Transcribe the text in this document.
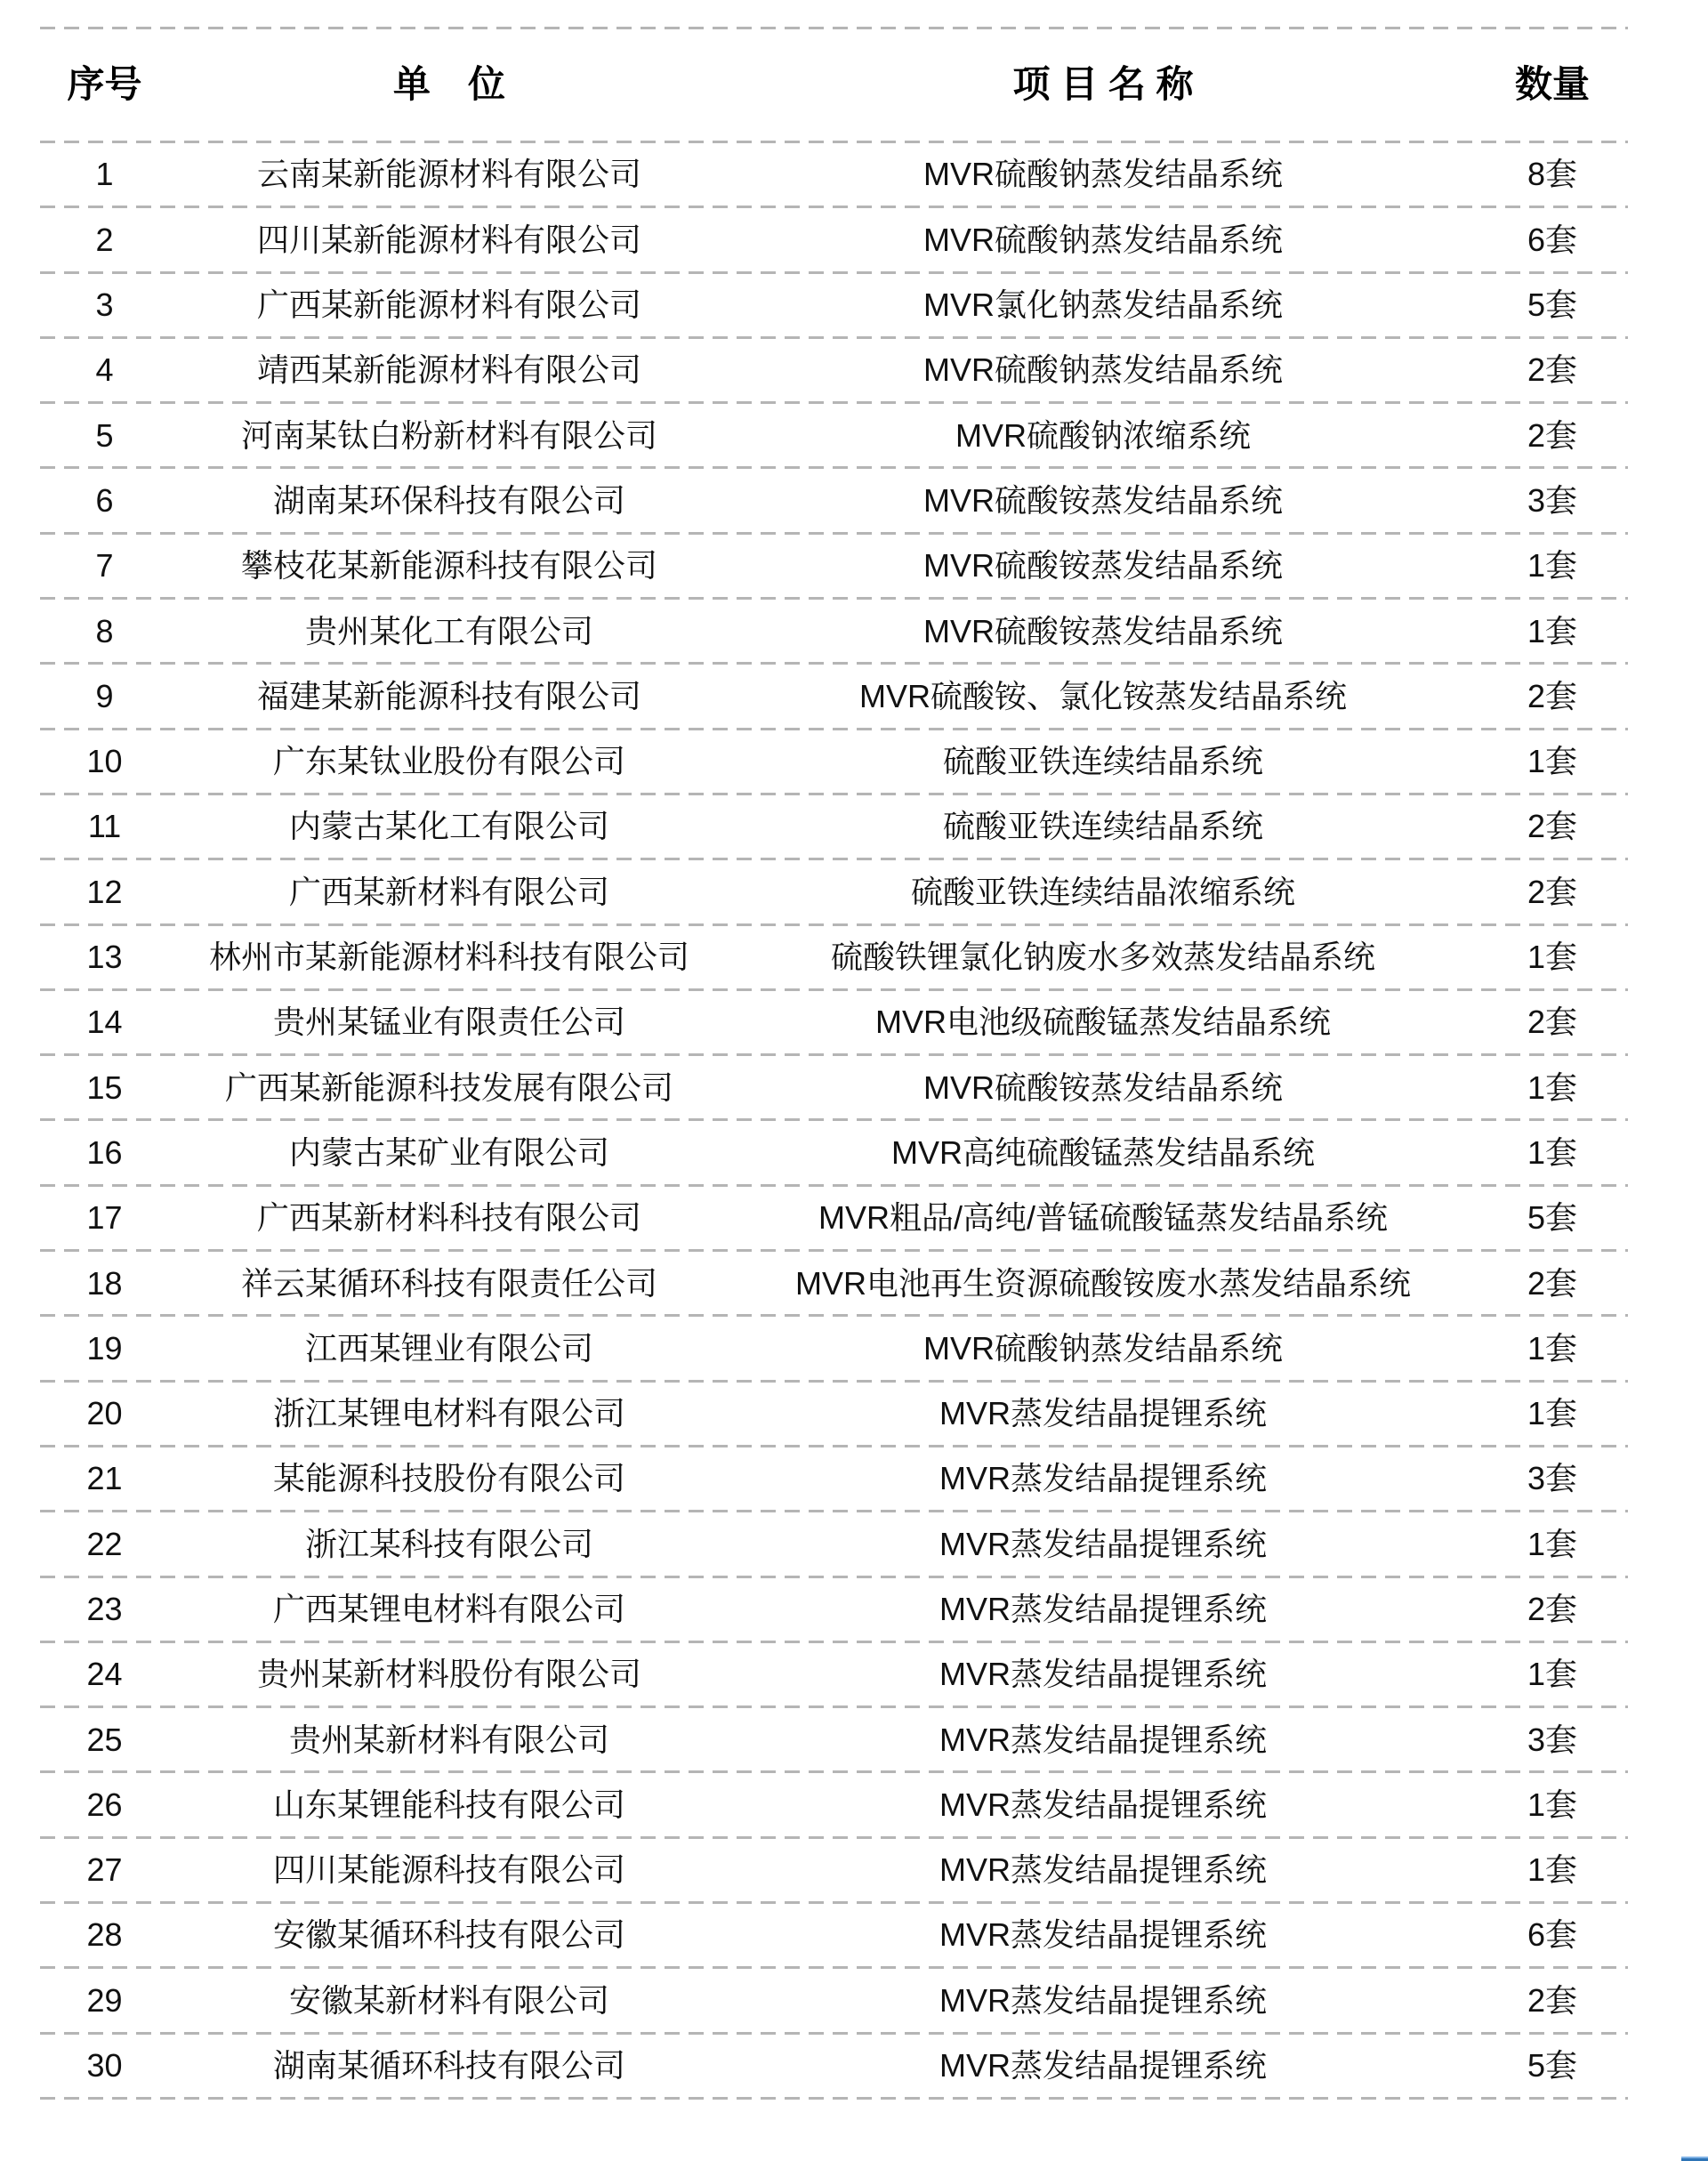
序号	单　位	项 目 名 称	数量
1	云南某新能源材料有限公司	MVR硫酸钠蒸发结晶系统	8套
2	四川某新能源材料有限公司	MVR硫酸钠蒸发结晶系统	6套
3	广西某新能源材料有限公司	MVR氯化钠蒸发结晶系统	5套
4	靖西某新能源材料有限公司	MVR硫酸钠蒸发结晶系统	2套
5	河南某钛白粉新材料有限公司	MVR硫酸钠浓缩系统	2套
6	湖南某环保科技有限公司	MVR硫酸铵蒸发结晶系统	3套
7	攀枝花某新能源科技有限公司	MVR硫酸铵蒸发结晶系统	1套
8	贵州某化工有限公司	MVR硫酸铵蒸发结晶系统	1套
9	福建某新能源科技有限公司	MVR硫酸铵、氯化铵蒸发结晶系统	2套
10	广东某钛业股份有限公司	硫酸亚铁连续结晶系统	1套
11	内蒙古某化工有限公司	硫酸亚铁连续结晶系统	2套
12	广西某新材料有限公司	硫酸亚铁连续结晶浓缩系统	2套
13	林州市某新能源材料科技有限公司	硫酸铁锂氯化钠废水多效蒸发结晶系统	1套
14	贵州某锰业有限责任公司	MVR电池级硫酸锰蒸发结晶系统	2套
15	广西某新能源科技发展有限公司	MVR硫酸铵蒸发结晶系统	1套
16	内蒙古某矿业有限公司	MVR高纯硫酸锰蒸发结晶系统	1套
17	广西某新材料科技有限公司	MVR粗品/高纯/普锰硫酸锰蒸发结晶系统	5套
18	祥云某循环科技有限责任公司	MVR电池再生资源硫酸铵废水蒸发结晶系统	2套
19	江西某锂业有限公司	MVR硫酸钠蒸发结晶系统	1套
20	浙江某锂电材料有限公司	MVR蒸发结晶提锂系统	1套
21	某能源科技股份有限公司	MVR蒸发结晶提锂系统	3套
22	浙江某科技有限公司	MVR蒸发结晶提锂系统	1套
23	广西某锂电材料有限公司	MVR蒸发结晶提锂系统	2套
24	贵州某新材料股份有限公司	MVR蒸发结晶提锂系统	1套
25	贵州某新材料有限公司	MVR蒸发结晶提锂系统	3套
26	山东某锂能科技有限公司	MVR蒸发结晶提锂系统	1套
27	四川某能源科技有限公司	MVR蒸发结晶提锂系统	1套
28	安徽某循环科技有限公司	MVR蒸发结晶提锂系统	6套
29	安徽某新材料有限公司	MVR蒸发结晶提锂系统	2套
30	湖南某循环科技有限公司	MVR蒸发结晶提锂系统	5套
